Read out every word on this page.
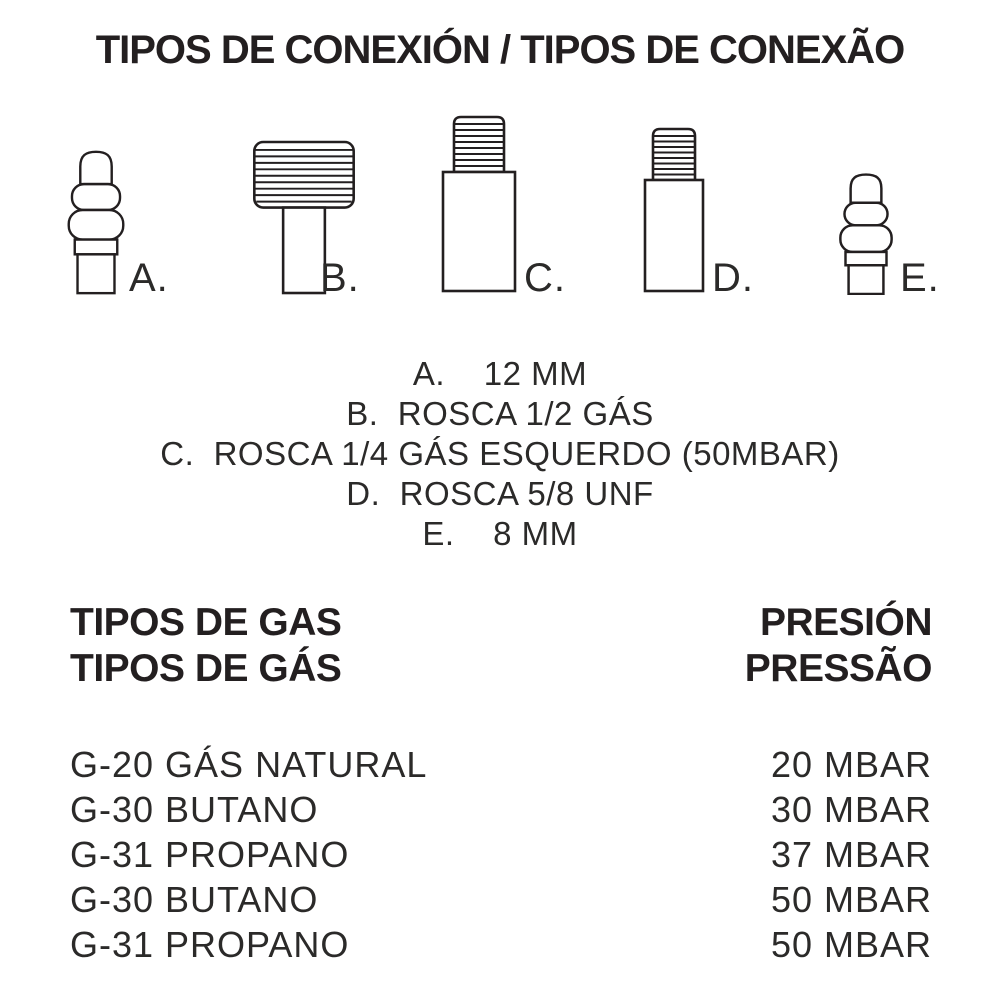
TIPOS DE CONEXIÓN / TIPOS DE CONEXÃO
A.	B.	C.	D.	E.
A.    12 MM
B.  ROSCA 1/2 GÁS
C.  ROSCA 1/4 GÁS ESQUERDO (50MBAR)
D.  ROSCA 5/8 UNF
E.    8 MM
TIPOS DE GAS
TIPOS DE GÁS
PRESIÓN
PRESSÃO
G-20 GÁS NATURAL	20 MBAR
G-30 BUTANO	30 MBAR
G-31 PROPANO	37 MBAR
G-30 BUTANO	50 MBAR
G-31 PROPANO	50 MBAR
